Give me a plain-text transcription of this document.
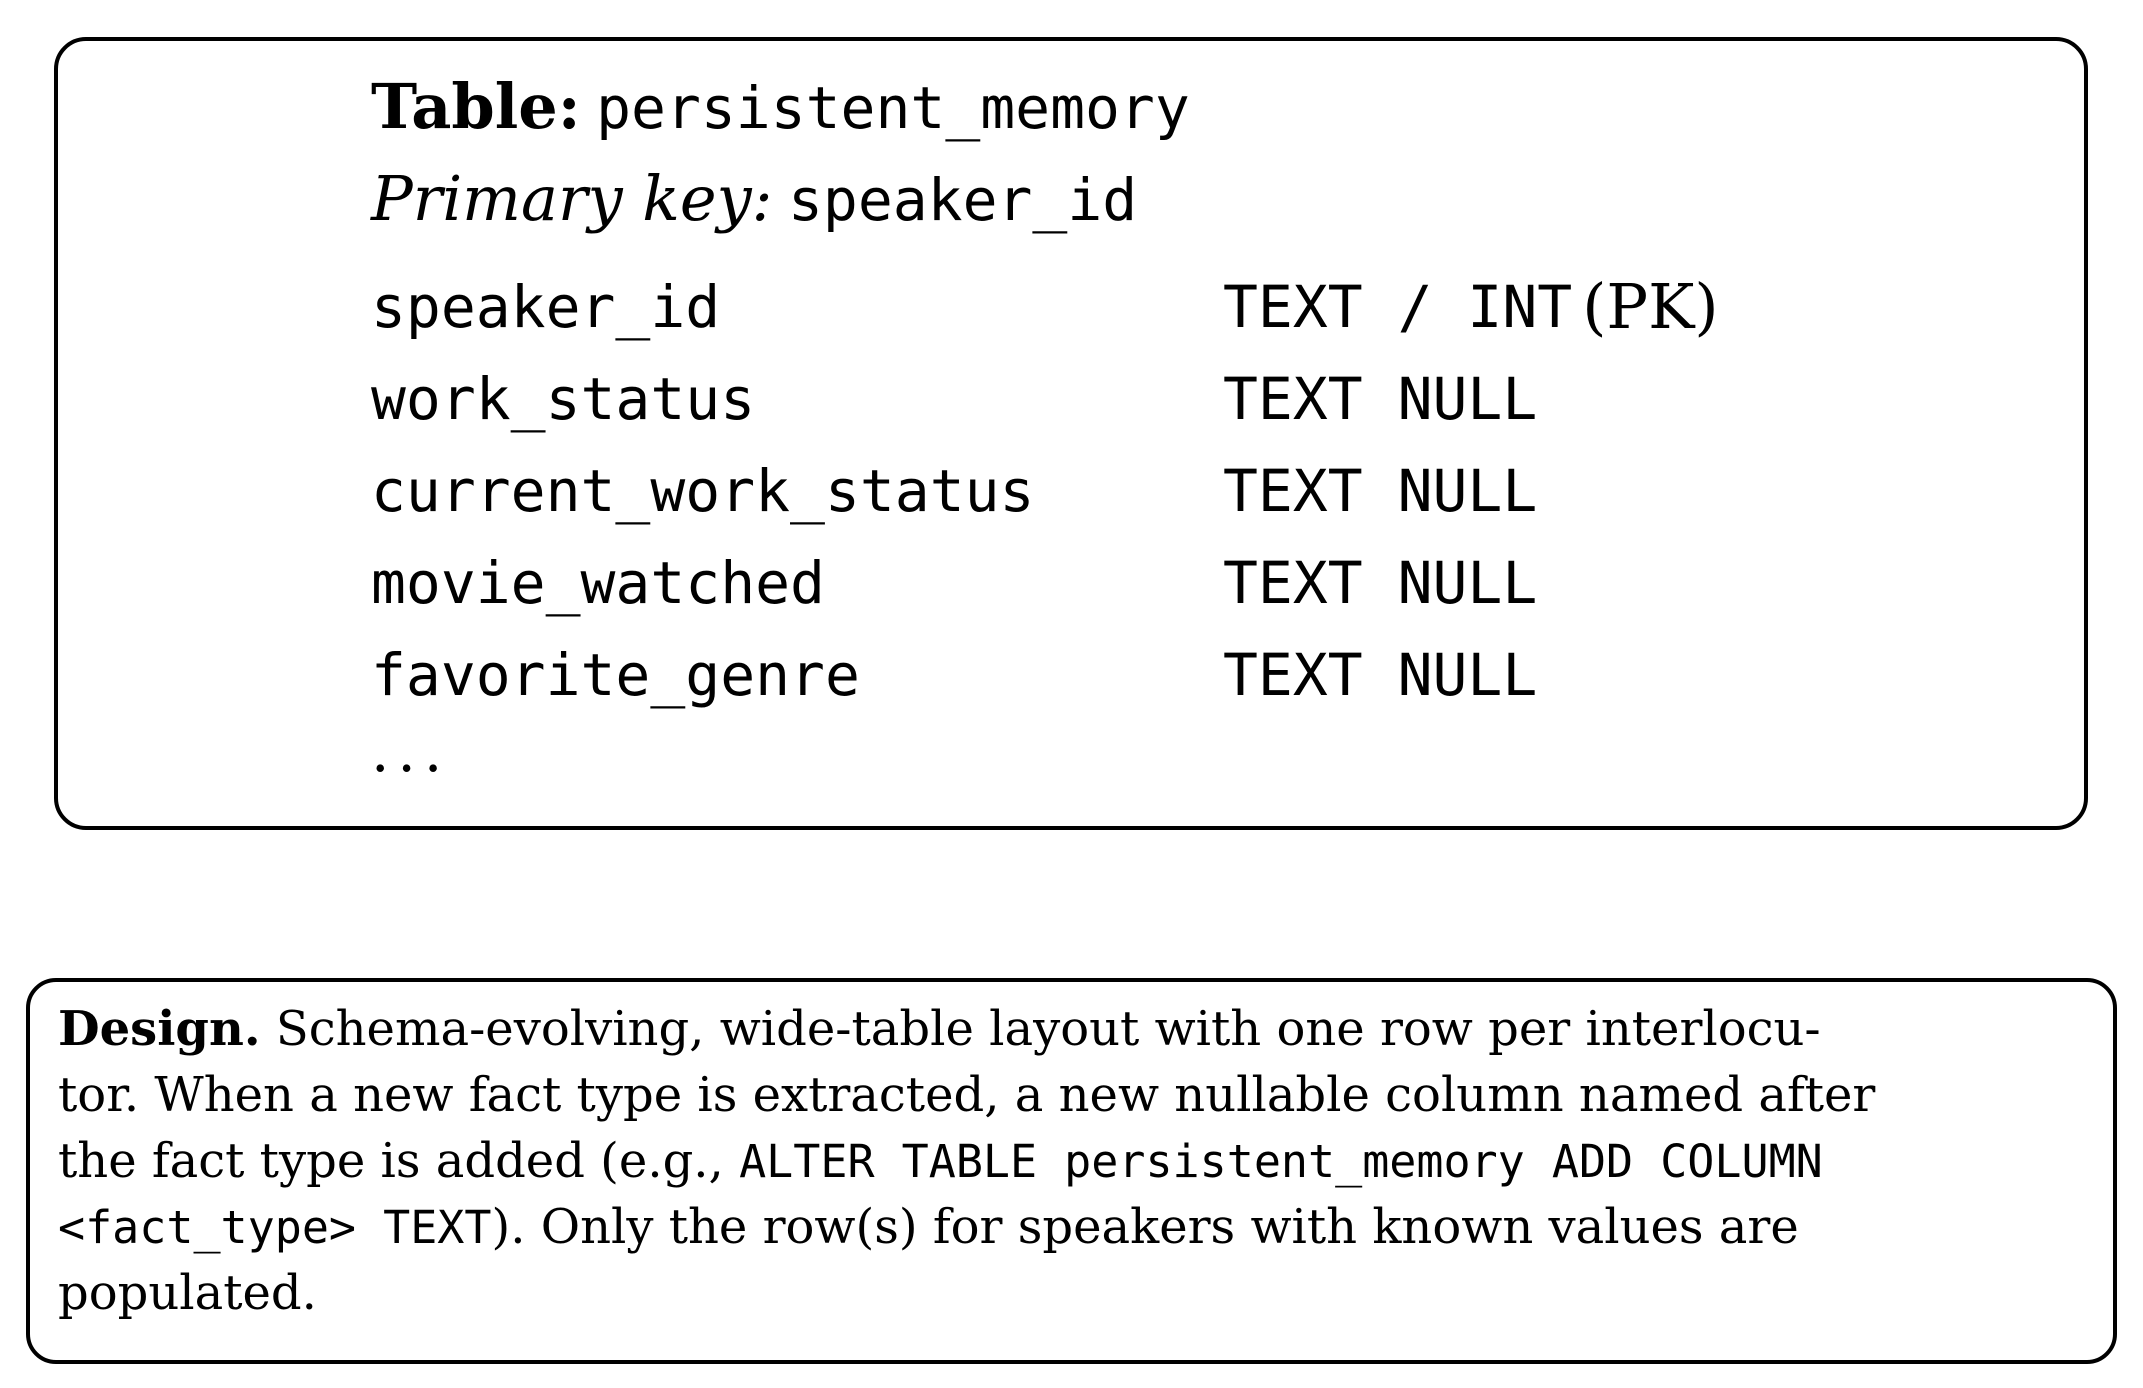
Table: persistent_memory
Primary key: speaker_id
speaker_id	TEXT / INT (PK)
work_status	TEXT NULL
current_work_status	TEXT NULL
movie_watched	TEXT NULL
favorite_genre	TEXT NULL
...
Design. Schema-evolving, wide-table layout with one row per interlocu-
tor. When a new fact type is extracted, a new nullable column named after
the fact type is added (e.g., ALTER TABLE persistent_memory ADD COLUMN
<fact_type> TEXT). Only the row(s) for speakers with known values are
populated.
